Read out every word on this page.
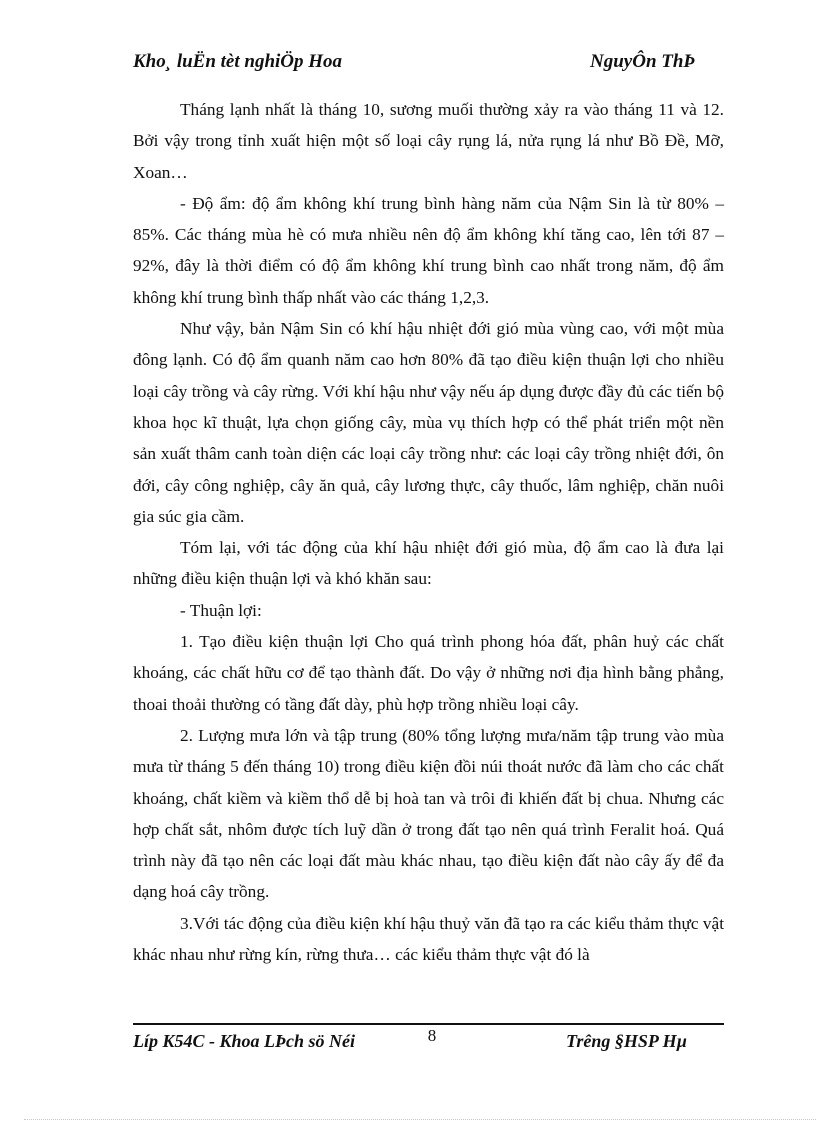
Kho¸ luËn tèt nghiÖp Hoa	NguyÔn ThÞ

Tháng lạnh nhất là tháng 10, sương muối thường xảy ra vào tháng 11 và 12. Bởi vậy trong tỉnh xuất hiện một số loại cây rụng lá, nửa rụng lá như Bồ Đề, Mỡ, Xoan…

- Độ ẩm: độ ẩm không khí trung bình hàng năm của Nậm Sin là từ 80% – 85%. Các tháng mùa hè có mưa nhiều nên độ ẩm không khí tăng cao, lên tới 87 – 92%, đây là thời điểm có độ ẩm không khí trung bình cao nhất trong năm, độ ẩm không khí trung bình thấp nhất vào các tháng 1,2,3.

Như vậy, bản Nậm Sin có khí hậu nhiệt đới gió mùa vùng cao, với một mùa đông lạnh. Có độ ẩm quanh năm cao hơn 80% đã tạo điều kiện thuận lợi cho nhiều loại cây trồng và cây rừng. Với khí hậu như vậy nếu áp dụng được đầy đủ các tiến bộ khoa học kĩ thuật, lựa chọn giống cây, mùa vụ thích hợp có thể phát triển một nền sản xuất thâm canh toàn diện các loại cây trồng như: các loại cây trồng nhiệt đới, ôn đới, cây công nghiệp, cây ăn quả, cây lương thực, cây thuốc, lâm nghiệp, chăn nuôi gia súc gia cầm.

Tóm lại, với tác động của khí hậu nhiệt đới gió mùa, độ ẩm cao là đưa lại những điều kiện thuận lợi và khó khăn sau:

- Thuận lợi:

1. Tạo điều kiện thuận lợi Cho quá trình phong hóa đất, phân huỷ các chất khoáng, các chất hữu cơ để tạo thành đất. Do vậy ở những nơi địa hình bằng phẳng, thoai thoải thường có tầng đất dày, phù hợp trồng nhiều loại cây.

2. Lượng mưa lớn và tập trung (80% tổng lượng mưa/năm tập trung vào mùa mưa từ tháng 5 đến tháng 10) trong điều kiện đồi núi thoát nước đã làm cho các chất khoáng, chất kiềm và kiềm thổ dễ bị hoà tan và trôi đi khiến đất bị chua. Nhưng các hợp chất sắt, nhôm được tích luỹ dần ở trong đất tạo nên quá trình Feralit hoá. Quá trình này đã tạo nên các loại đất màu khác nhau, tạo điều kiện đất nào cây ấy để đa dạng hoá cây trồng.

3.Với tác động của điều kiện khí hậu thuỷ văn đã tạo ra các kiểu thảm thực vật khác nhau như rừng kín, rừng thưa… các kiểu thảm thực vật đó là

Líp K54C - Khoa LÞch sö Néi	8	Trêng §HSP Hµ
